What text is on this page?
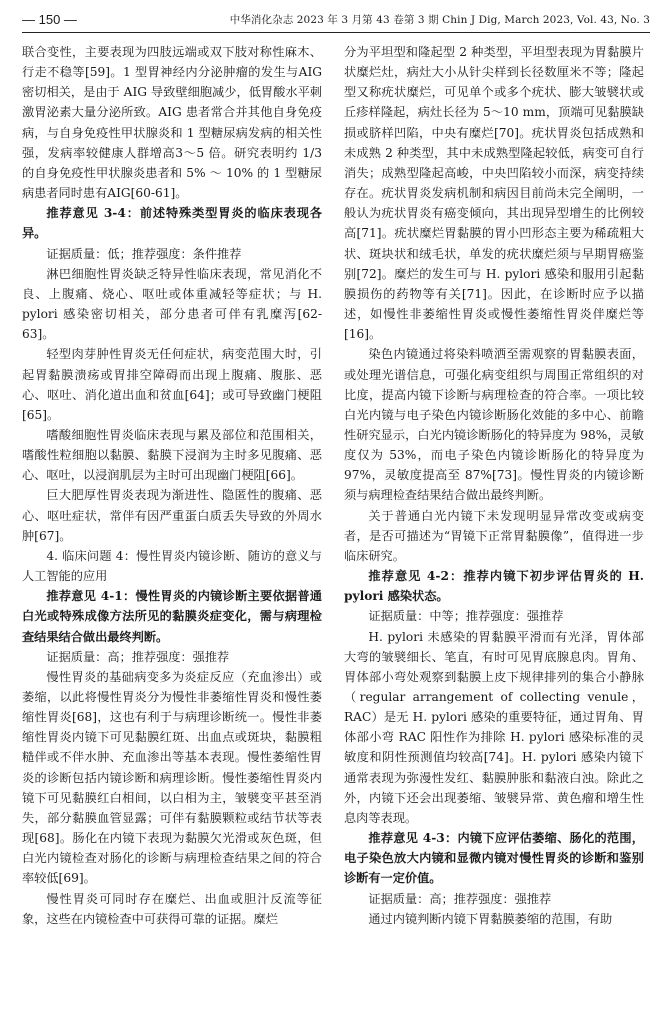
— 150 —	中华消化杂志 2023 年 3 月第 43 卷第 3 期 Chin J Dig, March 2023, Vol. 43, No. 3

联合变性，主要表现为四肢远端或双下肢对称性麻木、行走不稳等[59]。1 型胃神经内分泌肿瘤的发生与AIG 密切相关，是由于 AIG 导致壁细胞减少，低胃酸水平刺激胃泌素大量分泌所致。AIG 患者常合并其他自身免疫病，与自身免疫性甲状腺炎和 1 型糖尿病发病的相关性强，发病率较健康人群增高3～5 倍。研究表明约 1/3 的自身免疫性甲状腺炎患者和 5% ～ 10% 的 1 型糖尿病患者同时患有AIG[60-61]。

推荐意见 3-4：前述特殊类型胃炎的临床表现各异。

证据质量：低；推荐强度：条件推荐

淋巴细胞性胃炎缺乏特异性临床表现，常见消化不良、上腹痛、烧心、呕吐或体重减轻等症状；与 H. pylori 感染密切相关，部分患者可伴有乳糜泻[62-63]。

轻型肉芽肿性胃炎无任何症状，病变范围大时，引起胃黏膜溃疡或胃排空障碍而出现上腹痛、腹胀、恶心、呕吐、消化道出血和贫血[64]；或可导致幽门梗阻[65]。

嗜酸细胞性胃炎临床表现与累及部位和范围相关，嗜酸性粒细胞以黏膜、黏膜下浸润为主时多见腹痛、恶心、呕吐，以浸润肌层为主时可出现幽门梗阻[66]。

巨大肥厚性胃炎表现为渐进性、隐匿性的腹痛、恶心、呕吐症状，常伴有因严重蛋白质丢失导致的外周水肿[67]。

4. 临床问题 4：慢性胃炎内镜诊断、随访的意义与人工智能的应用

推荐意见 4-1：慢性胃炎的内镜诊断主要依据普通白光或特殊成像方法所见的黏膜炎症变化，需与病理检查结果结合做出最终判断。

证据质量：高；推荐强度：强推荐

慢性胃炎的基础病变多为炎症反应（充血渗出）或萎缩，以此将慢性胃炎分为慢性非萎缩性胃炎和慢性萎缩性胃炎[68]，这也有利于与病理诊断统一。慢性非萎缩性胃炎内镜下可见黏膜红斑、出血点或斑块，黏膜粗糙伴或不伴水肿、充血渗出等基本表现。慢性萎缩性胃炎的诊断包括内镜诊断和病理诊断。慢性萎缩性胃炎内镜下可见黏膜红白相间，以白相为主，皱襞变平甚至消失，部分黏膜血管显露；可伴有黏膜颗粒或结节状等表现[68]。肠化在内镜下表现为黏膜欠光滑或灰色斑，但白光内镜检查对肠化的诊断与病理检查结果之间的符合率较低[69]。

慢性胃炎可同时存在糜烂、出血或胆汁反流等征象，这些在内镜检查中可获得可靠的证据。糜烂

分为平坦型和隆起型 2 种类型，平坦型表现为胃黏膜片状糜烂灶，病灶大小从针尖样到长径数厘米不等；隆起型又称疣状糜烂，可见单个或多个疣状、膨大皱襞状或丘疹样隆起，病灶长径为 5～10 mm，顶端可见黏膜缺损或脐样凹陷，中央有糜烂[70]。疣状胃炎包括成熟和未成熟 2 种类型，其中未成熟型隆起较低，病变可自行消失；成熟型隆起高峻，中央凹陷较小而深，病变持续存在。疣状胃炎发病机制和病因目前尚未完全阐明，一般认为疣状胃炎有癌变倾向，其出现异型增生的比例较高[71]。疣状糜烂胃黏膜的胃小凹形态主要为稀疏粗大状、斑块状和绒毛状，单发的疣状糜烂须与早期胃癌鉴别[72]。糜烂的发生可与 H. pylori 感染和服用引起黏膜损伤的药物等有关[71]。因此，在诊断时应予以描述，如慢性非萎缩性胃炎或慢性萎缩性胃炎伴糜烂等[16]。

染色内镜通过将染料喷洒至需观察的胃黏膜表面，或处理光谱信息，可强化病变组织与周围正常组织的对比度，提高内镜下诊断与病理检查的符合率。一项比较白光内镜与电子染色内镜诊断肠化效能的多中心、前瞻性研究显示，白光内镜诊断肠化的特异度为 98%，灵敏度仅为 53%，而电子染色内镜诊断肠化的特异度为 97%，灵敏度提高至 87%[73]。慢性胃炎的内镜诊断须与病理检查结果结合做出最终判断。

关于普通白光内镜下未发现明显异常改变或病变者，是否可描述为“胃镜下正常胃黏膜像”，值得进一步临床研究。

推荐意见 4-2：推荐内镜下初步评估胃炎的 H. pylori 感染状态。

证据质量：中等；推荐强度：强推荐

H. pylori 未感染的胃黏膜平滑而有光泽，胃体部大弯的皱襞细长、笔直，有时可见胃底腺息肉。胃角、胃体部小弯处观察到黏膜上皮下规律排列的集合小静脉（regular arrangement of collecting venule，RAC）是无 H. pylori 感染的重要特征，通过胃角、胃体部小弯 RAC 阳性作为排除 H. pylori 感染标准的灵敏度和阴性预测值均较高[74]。H. pylori 感染内镜下通常表现为弥漫性发红、黏膜肿胀和黏液白浊。除此之外，内镜下还会出现萎缩、皱襞异常、黄色瘤和增生性息肉等表现。

推荐意见 4-3：内镜下应评估萎缩、肠化的范围，电子染色放大内镜和显微内镜对慢性胃炎的诊断和鉴别诊断有一定价值。

证据质量：高；推荐强度：强推荐

通过内镜判断内镜下胃黏膜萎缩的范围，有助
